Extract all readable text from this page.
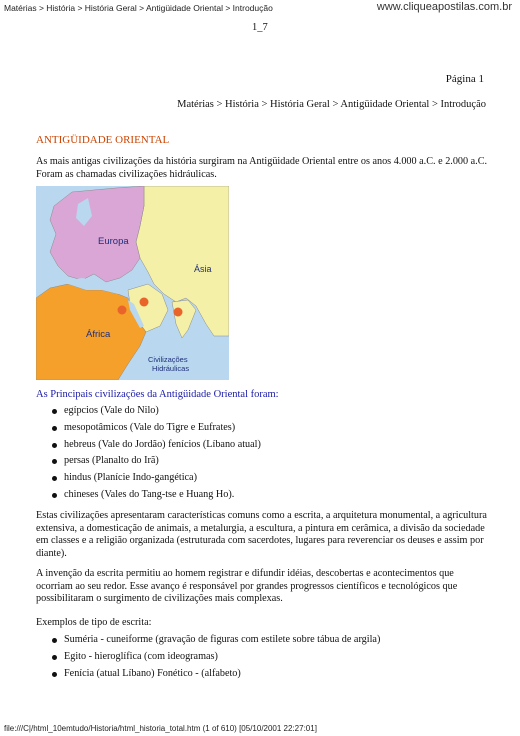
Matérias > História > História Geral > Antigüidade Oriental > Introdução	www.cliqueapostilas.com.br
1_7
Página 1
Matérias > História > História Geral > Antigüidade Oriental > Introdução
ANTIGÜIDADE ORIENTAL

As mais antigas civilizações da história surgiram na Antigüidade Oriental entre os anos 4.000 a.C. e 2.000 a.C. Foram as chamadas civilizações hidráulicas.

Europa
Ásia
África
Civilizações
Hidráulicas
As Principais civilizações da Antigüidade Oriental foram:
egípcios (Vale do Nilo)
mesopotâmicos (Vale do Tigre e Eufrates)
hebreus (Vale do Jordão) fenícios (Líbano atual)
persas (Planalto do Irã)
hindus (Planície Indo-gangética)
chineses (Vales do Tang-tse e Huang Ho).

Estas civilizações apresentaram características comuns como a escrita, a arquitetura monumental, a agricultura extensiva, a domesticação de animais, a metalurgia, a escultura, a pintura em cerâmica, a divisão da sociedade em classes e a religião organizada (estruturada com sacerdotes, lugares para reverenciar os deuses e assim por diante).

A invenção da escrita permitiu ao homem registrar e difundir idéias, descobertas e acontecimentos que ocorriam ao seu redor. Esse avanço é responsável por grandes progressos científicos e tecnológicos que possibilitaram o surgimento de civilizações mais complexas.

Exemplos de tipo de escrita:

Suméria - cuneiforme (gravação de figuras com estilete sobre tábua de argila)
Egito - hieroglífica (com ideogramas)
Fenícia (atual Líbano) Fonético - (alfabeto)
file:///C|/html_10emtudo/Historia/html_historia_total.htm (1 of 610) [05/10/2001 22:27:01]
